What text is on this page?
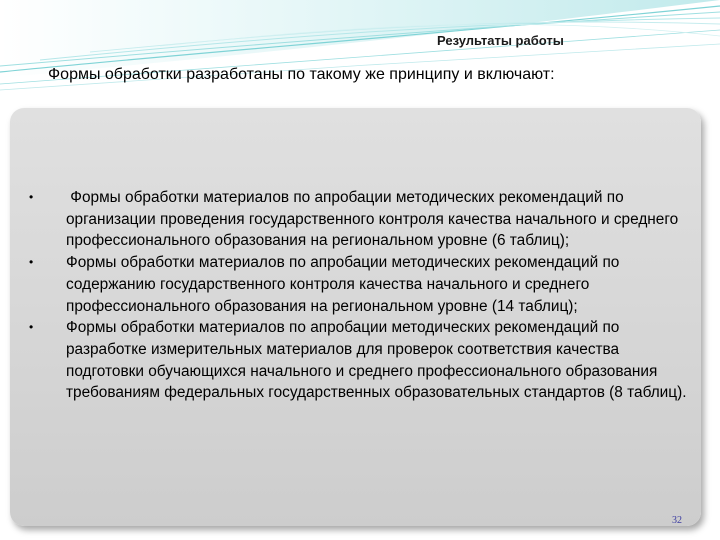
Результаты работы
Формы обработки разработаны по такому же принципу и включают:
• Формы обработки материалов по апробации методических рекомендаций по организации проведения государственного контроля качества начального и среднего профессионального образования на региональном уровне (6 таблиц);
• Формы обработки материалов по апробации методических рекомендаций по содержанию государственного контроля качества начального и среднего профессионального образования на региональном уровне (14 таблиц);
• Формы обработки материалов по апробации методических рекомендаций по разработке измерительных материалов для проверок соответствия качества подготовки обучающихся начального и среднего профессионального образования требованиям федеральных государственных образовательных стандартов (8 таблиц).
32
